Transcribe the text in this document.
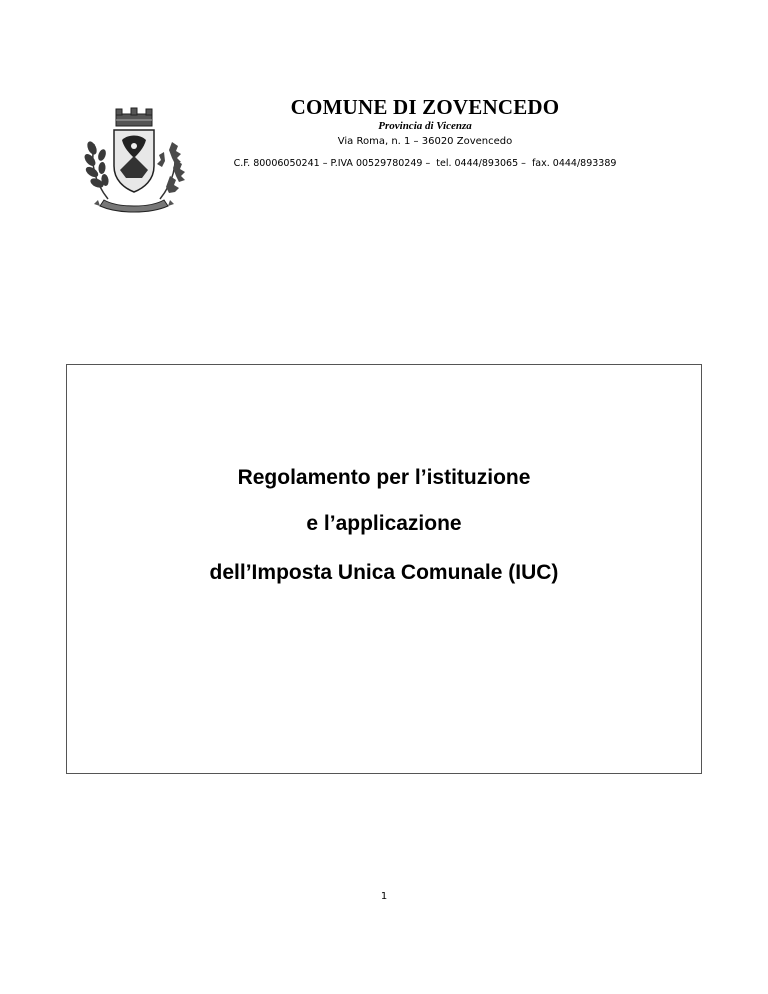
COMUNE DI ZOVENCEDO
Provincia di Vicenza
Via Roma, n. 1 – 36020 Zovencedo
C.F. 80006050241 – P.IVA 00529780249 –  tel. 0444/893065 –  fax. 0444/893389
Regolamento per l’istituzione
e l’applicazione
dell’Imposta Unica Comunale (IUC)
1
